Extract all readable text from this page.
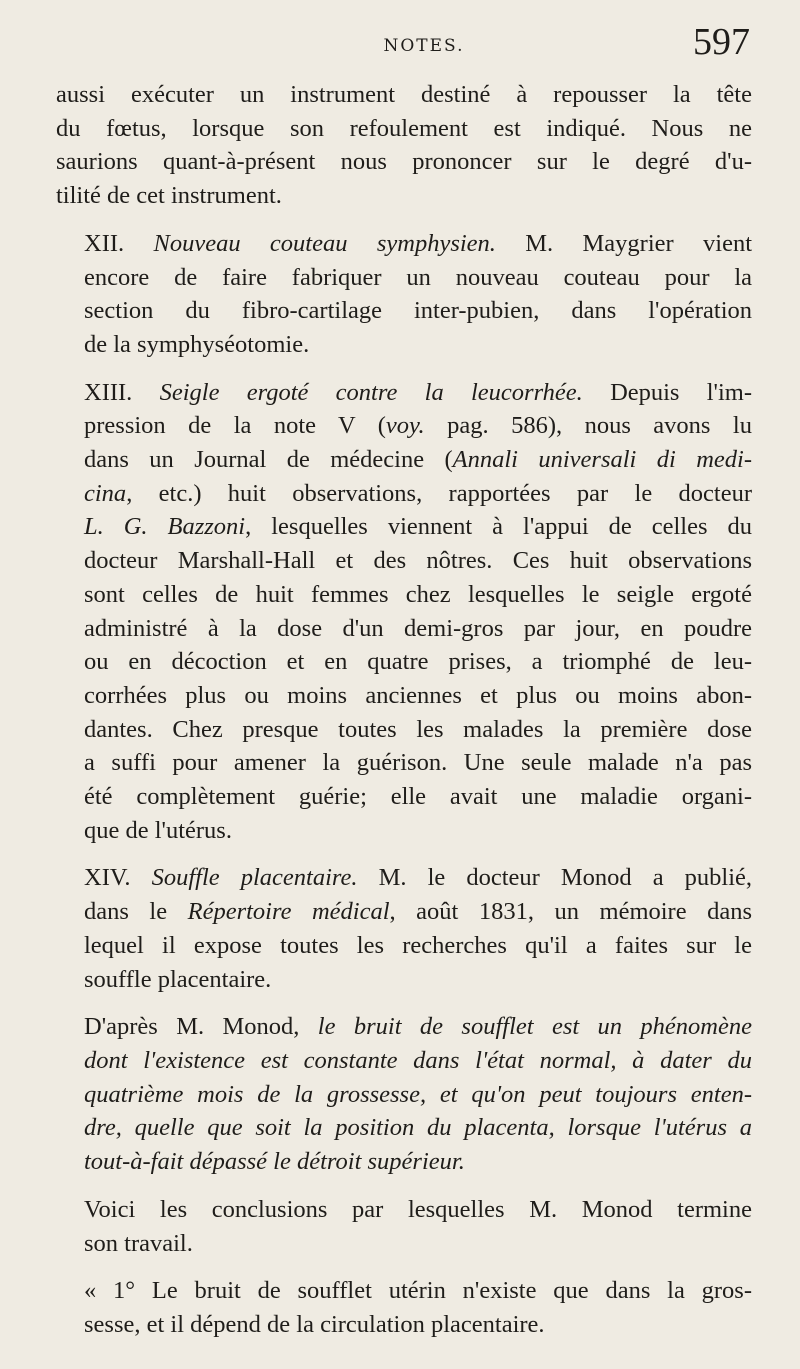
NOTES.	597

aussi exécuter un instrument destiné à repousser la tête
du fœtus, lorsque son refoulement est indiqué. Nous ne
saurions quant-à-présent nous prononcer sur le degré d'u-
tilité de cet instrument.

XII. Nouveau couteau symphysien. M. Maygrier vient
encore de faire fabriquer un nouveau couteau pour la
section du fibro-cartilage inter-pubien, dans l'opération
de la symphyséotomie.

XIII. Seigle ergoté contre la leucorrhée. Depuis l'im-
pression de la note V (voy. pag. 586), nous avons lu
dans un Journal de médecine (Annali universali di medi-
cina, etc.) huit observations, rapportées par le docteur
L. G. Bazzoni, lesquelles viennent à l'appui de celles du
docteur Marshall-Hall et des nôtres. Ces huit observations
sont celles de huit femmes chez lesquelles le seigle ergoté
administré à la dose d'un demi-gros par jour, en poudre
ou en décoction et en quatre prises, a triomphé de leu-
corrhées plus ou moins anciennes et plus ou moins abon-
dantes. Chez presque toutes les malades la première dose
a suffi pour amener la guérison. Une seule malade n'a pas
été complètement guérie; elle avait une maladie organi-
que de l'utérus.

XIV. Souffle placentaire. M. le docteur Monod a publié,
dans le Répertoire médical, août 1831, un mémoire dans
lequel il expose toutes les recherches qu'il a faites sur le
souffle placentaire.

D'après M. Monod, le bruit de soufflet est un phénomène
dont l'existence est constante dans l'état normal, à dater du
quatrième mois de la grossesse, et qu'on peut toujours enten-
dre, quelle que soit la position du placenta, lorsque l'utérus a
tout-à-fait dépassé le détroit supérieur.

Voici les conclusions par lesquelles M. Monod termine
son travail.

« 1° Le bruit de soufflet utérin n'existe que dans la gros-
sesse, et il dépend de la circulation placentaire.
